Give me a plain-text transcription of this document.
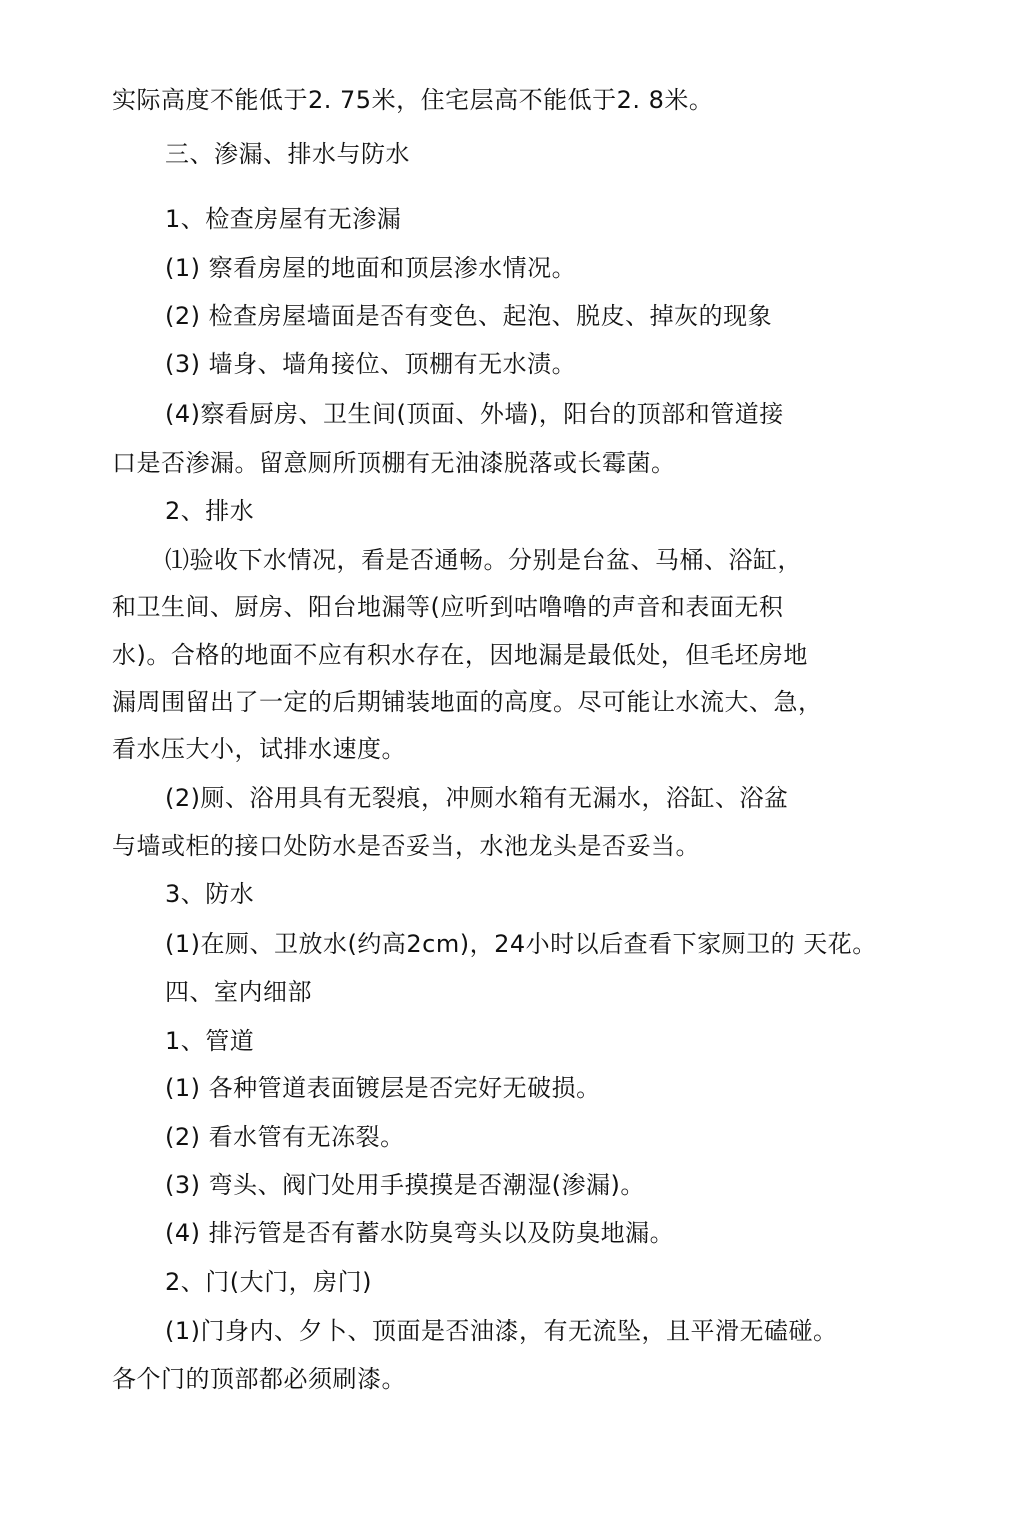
实际高度不能低于2. 75米，住宅层高不能低于2. 8米。
三、渗漏、排水与防水
1、检查房屋有无渗漏
(1) 察看房屋的地面和顶层渗水情况。
(2) 检查房屋墙面是否有变色、起泡、脱皮、掉灰的现象
(3) 墙身、墙角接位、顶棚有无水渍。
(4)察看厨房、卫生间(顶面、外墙)，阳台的顶部和管道接
口是否渗漏。留意厕所顶棚有无油漆脱落或长霉菌。
2、排水
⑴验收下水情况，看是否通畅。分别是台盆、马桶、浴缸，
和卫生间、厨房、阳台地漏等(应听到咕噜噜的声音和表面无积
水)。合格的地面不应有积水存在，因地漏是最低处，但毛坯房地
漏周围留出了一定的后期铺装地面的高度。尽可能让水流大、急，
看水压大小，试排水速度。
(2)厕、浴用具有无裂痕，冲厕水箱有无漏水，浴缸、浴盆
与墙或柜的接口处防水是否妥当，水池龙头是否妥当。
3、防水
(1)在厕、卫放水(约高2cm)，24小时以后查看下家厕卫的 天花。
四、室内细部
1、管道
(1) 各种管道表面镀层是否完好无破损。
(2) 看水管有无冻裂。
(3) 弯头、阀门处用手摸摸是否潮湿(渗漏)。
(4) 排污管是否有蓄水防臭弯头以及防臭地漏。
2、门(大门，房门)
(1)门身内、夕卜、顶面是否油漆，有无流坠，且平滑无磕碰。
各个门的顶部都必须刷漆。
